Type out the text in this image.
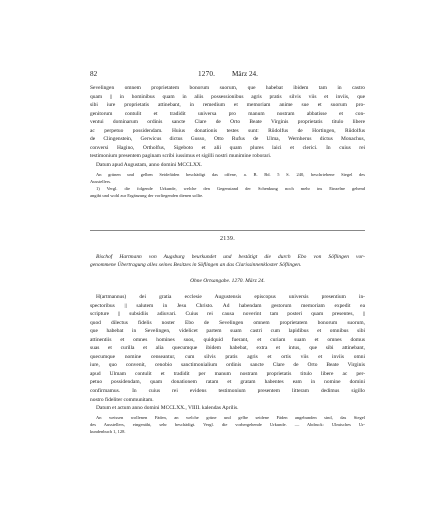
82	1270. März 24.
Sevelingen omnem proprietatem bonorum suorum, que habebat ibidem tam in castro
quam || in hominibus quam in aliis possessionibus agris pratis silvis viis et inviis, que
sibi iure proprietatis attinebant, in remedium et memoriam anime sue et suorum pro-
genitorum contulit et tradidit universa pro manum nostram abbatisse et con-
ventui dominarum ordinis sancte Clare de Orto Beate Virginis proprietatis titulo libere
ac perpetuo possidendam. Huius donationis testes sunt: Rûdolfus de Hortingen, Rûdolfus
de Clingenstein, Gerwicus dictus Gusso, Otto Rufus de Ulma, Wernherus dictus Monachus,
conversi Hagino, Ortholfus, Sigeboto et alii quam plures laici et clerici. In cuius rei
testimonium presentem paginam scribi iussimus et sigilli nostri munimine roborari.
Datum apud Augustam, anno domini MCCLXX.
An grünen und gelben Seidefäden beschädigt das offene, a. B. Bd. 5 S. 240, beschriebene Siegel des
Ausstellers.
1) Vergl. die folgende Urkunde, welche den Gegenstand der Schenkung noch mehr ins Einzelne gehend
angibt und wohl zur Ergänzung der vorliegenden dienen sollte.
2139.
Bischof Hartmann von Augsburg beurkundet und bestätigt die durch Ebo von Söflingen vor-
genommene Übertragung alles seines Besitzes in Söflingen an das Clarissinnenkloster Söflingen.
Ohne Ortsangabe. 1270. März 24.
H(artmannus) dei gratia ecclesie Augustensis episcopus universis presentium in-
spectoribus || salutem in Jesu Christo. Ad habendam gestorum memoriam expedit ea
scripture || subsidiis adiuvari. Cuius rei causa noverint tam posteri quam presentes, ||
quod dilectus fidelis noster Ebo de Sevelingen omnem proprietatem bonorum suorum,
que habebat in Sevelingen, videlicet partem suam castri cum lapidibus et omnibus sibi
attinentiis et omnes homines suos, quidquid fuerant, et curiam suam et omnes domus
suas et curilla et alia quecumque ibidem habebat, extra et intus, que sibi attinebant,
quecumque nomine censeantur, cum silvis pratis agris et ortis viis et inviis omni
iure, quo convenit, cenobio sanctimonialium ordinis sancte Clare de Orto Beate Virginis
apud Ulmam contulit et tradidit per manum nostram proprietatis titulo libere ac per-
petuo possidendam, quam donationem ratam et gratam habentes eam in nomine domini
confirmamus. In cuius rei evidens testimonium presentem litteram dedimus sigillo
nostro fideliter communitam.
Datum et actum anno domini MCCLXX., VIIII. kalendas Aprilis.
An weissen wollenen Fäden, an welche grüne und gelbe seidene Fäden angebunden sind, das Siegel
des Ausstellers, eingenäht, sehr beschädigt. Vergl. die vorhergehende Urkunde. — Abdruck: Ulmisches Ur-
kundenbuch 1, 128.
